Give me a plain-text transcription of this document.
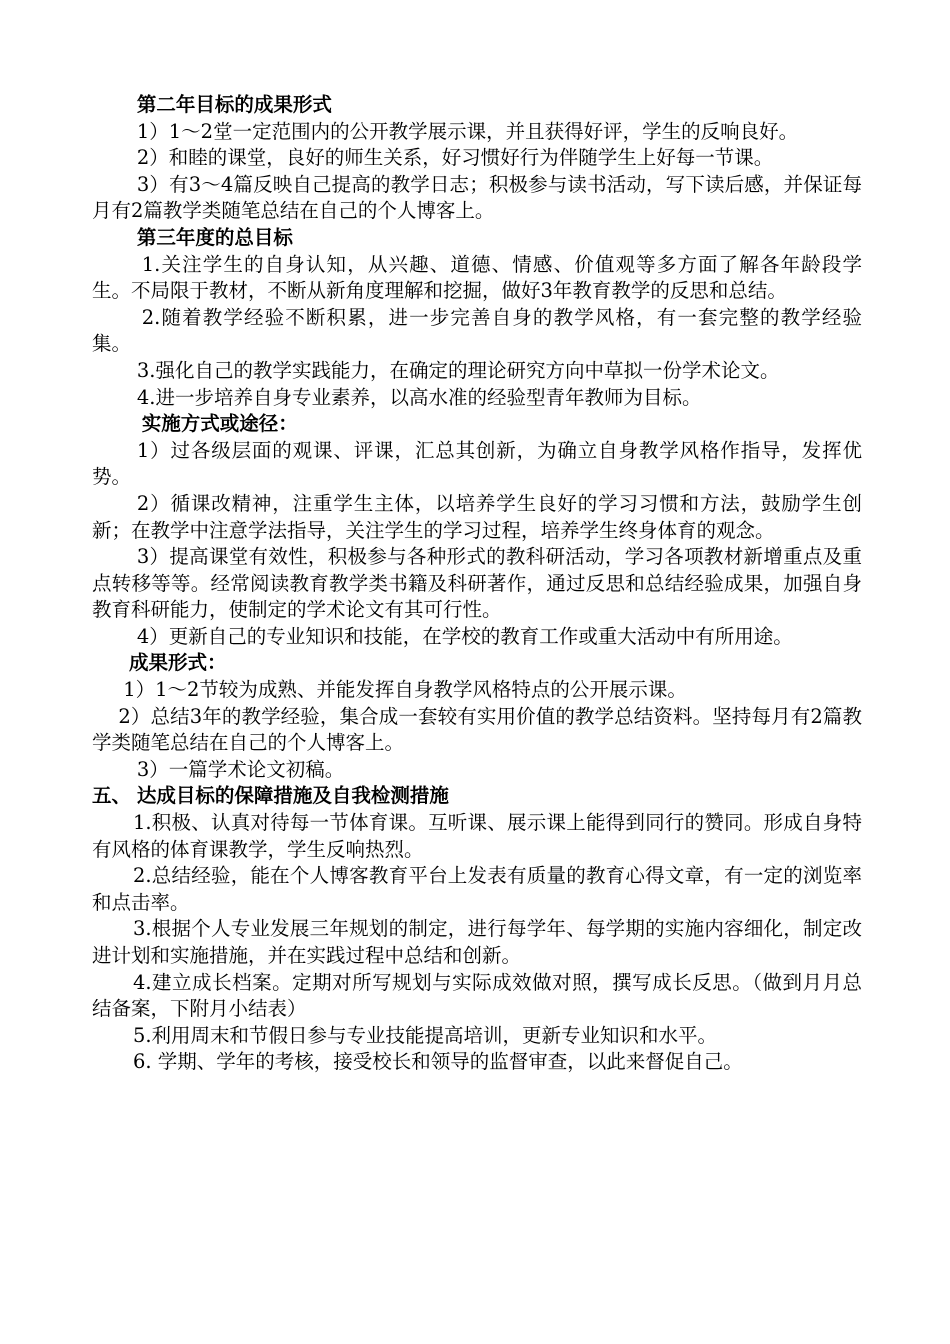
第二年目标的成果形式

1）1～2堂一定范围内的公开教学展示课，并且获得好评，学生的反响良好。

2）和睦的课堂，良好的师生关系，好习惯好行为伴随学生上好每一节课。

3）有3～4篇反映自己提高的教学日志；积极参与读书活动，写下读后感，并保证每月有2篇教学类随笔总结在自己的个人博客上。

第三年度的总目标

1.关注学生的自身认知，从兴趣、道德、情感、价值观等多方面了解各年龄段学生。不局限于教材，不断从新角度理解和挖掘，做好3年教育教学的反思和总结。

2.随着教学经验不断积累，进一步完善自身的教学风格，有一套完整的教学经验集。

3.强化自己的教学实践能力，在确定的理论研究方向中草拟一份学术论文。

4.进一步培养自身专业素养，以高水准的经验型青年教师为目标。

实施方式或途径：

1）过各级层面的观课、评课，汇总其创新，为确立自身教学风格作指导，发挥优势。

2）循课改精神，注重学生主体，以培养学生良好的学习习惯和方法，鼓励学生创新；在教学中注意学法指导，关注学生的学习过程，培养学生终身体育的观念。

3）提高课堂有效性，积极参与各种形式的教科研活动，学习各项教材新增重点及重点转移等等。经常阅读教育教学类书籍及科研著作，通过反思和总结经验成果，加强自身教育科研能力，使制定的学术论文有其可行性。

4）更新自己的专业知识和技能，在学校的教育工作或重大活动中有所用途。

成果形式：

1）1～2节较为成熟、并能发挥自身教学风格特点的公开展示课。

2）总结3年的教学经验，集合成一套较有实用价值的教学总结资料。坚持每月有2篇教学类随笔总结在自己的个人博客上。

3）一篇学术论文初稿。

五、 达成目标的保障措施及自我检测措施

1.积极、认真对待每一节体育课。互听课、展示课上能得到同行的赞同。形成自身特有风格的体育课教学，学生反响热烈。

2.总结经验，能在个人博客教育平台上发表有质量的教育心得文章，有一定的浏览率和点击率。

3.根据个人专业发展三年规划的制定，进行每学年、每学期的实施内容细化，制定改进计划和实施措施，并在实践过程中总结和创新。

4.建立成长档案。定期对所写规划与实际成效做对照，撰写成长反思。（做到月月总结备案，下附月小结表）

5.利用周末和节假日参与专业技能提高培训，更新专业知识和水平。

6. 学期、学年的考核，接受校长和领导的监督审查，以此来督促自己。
